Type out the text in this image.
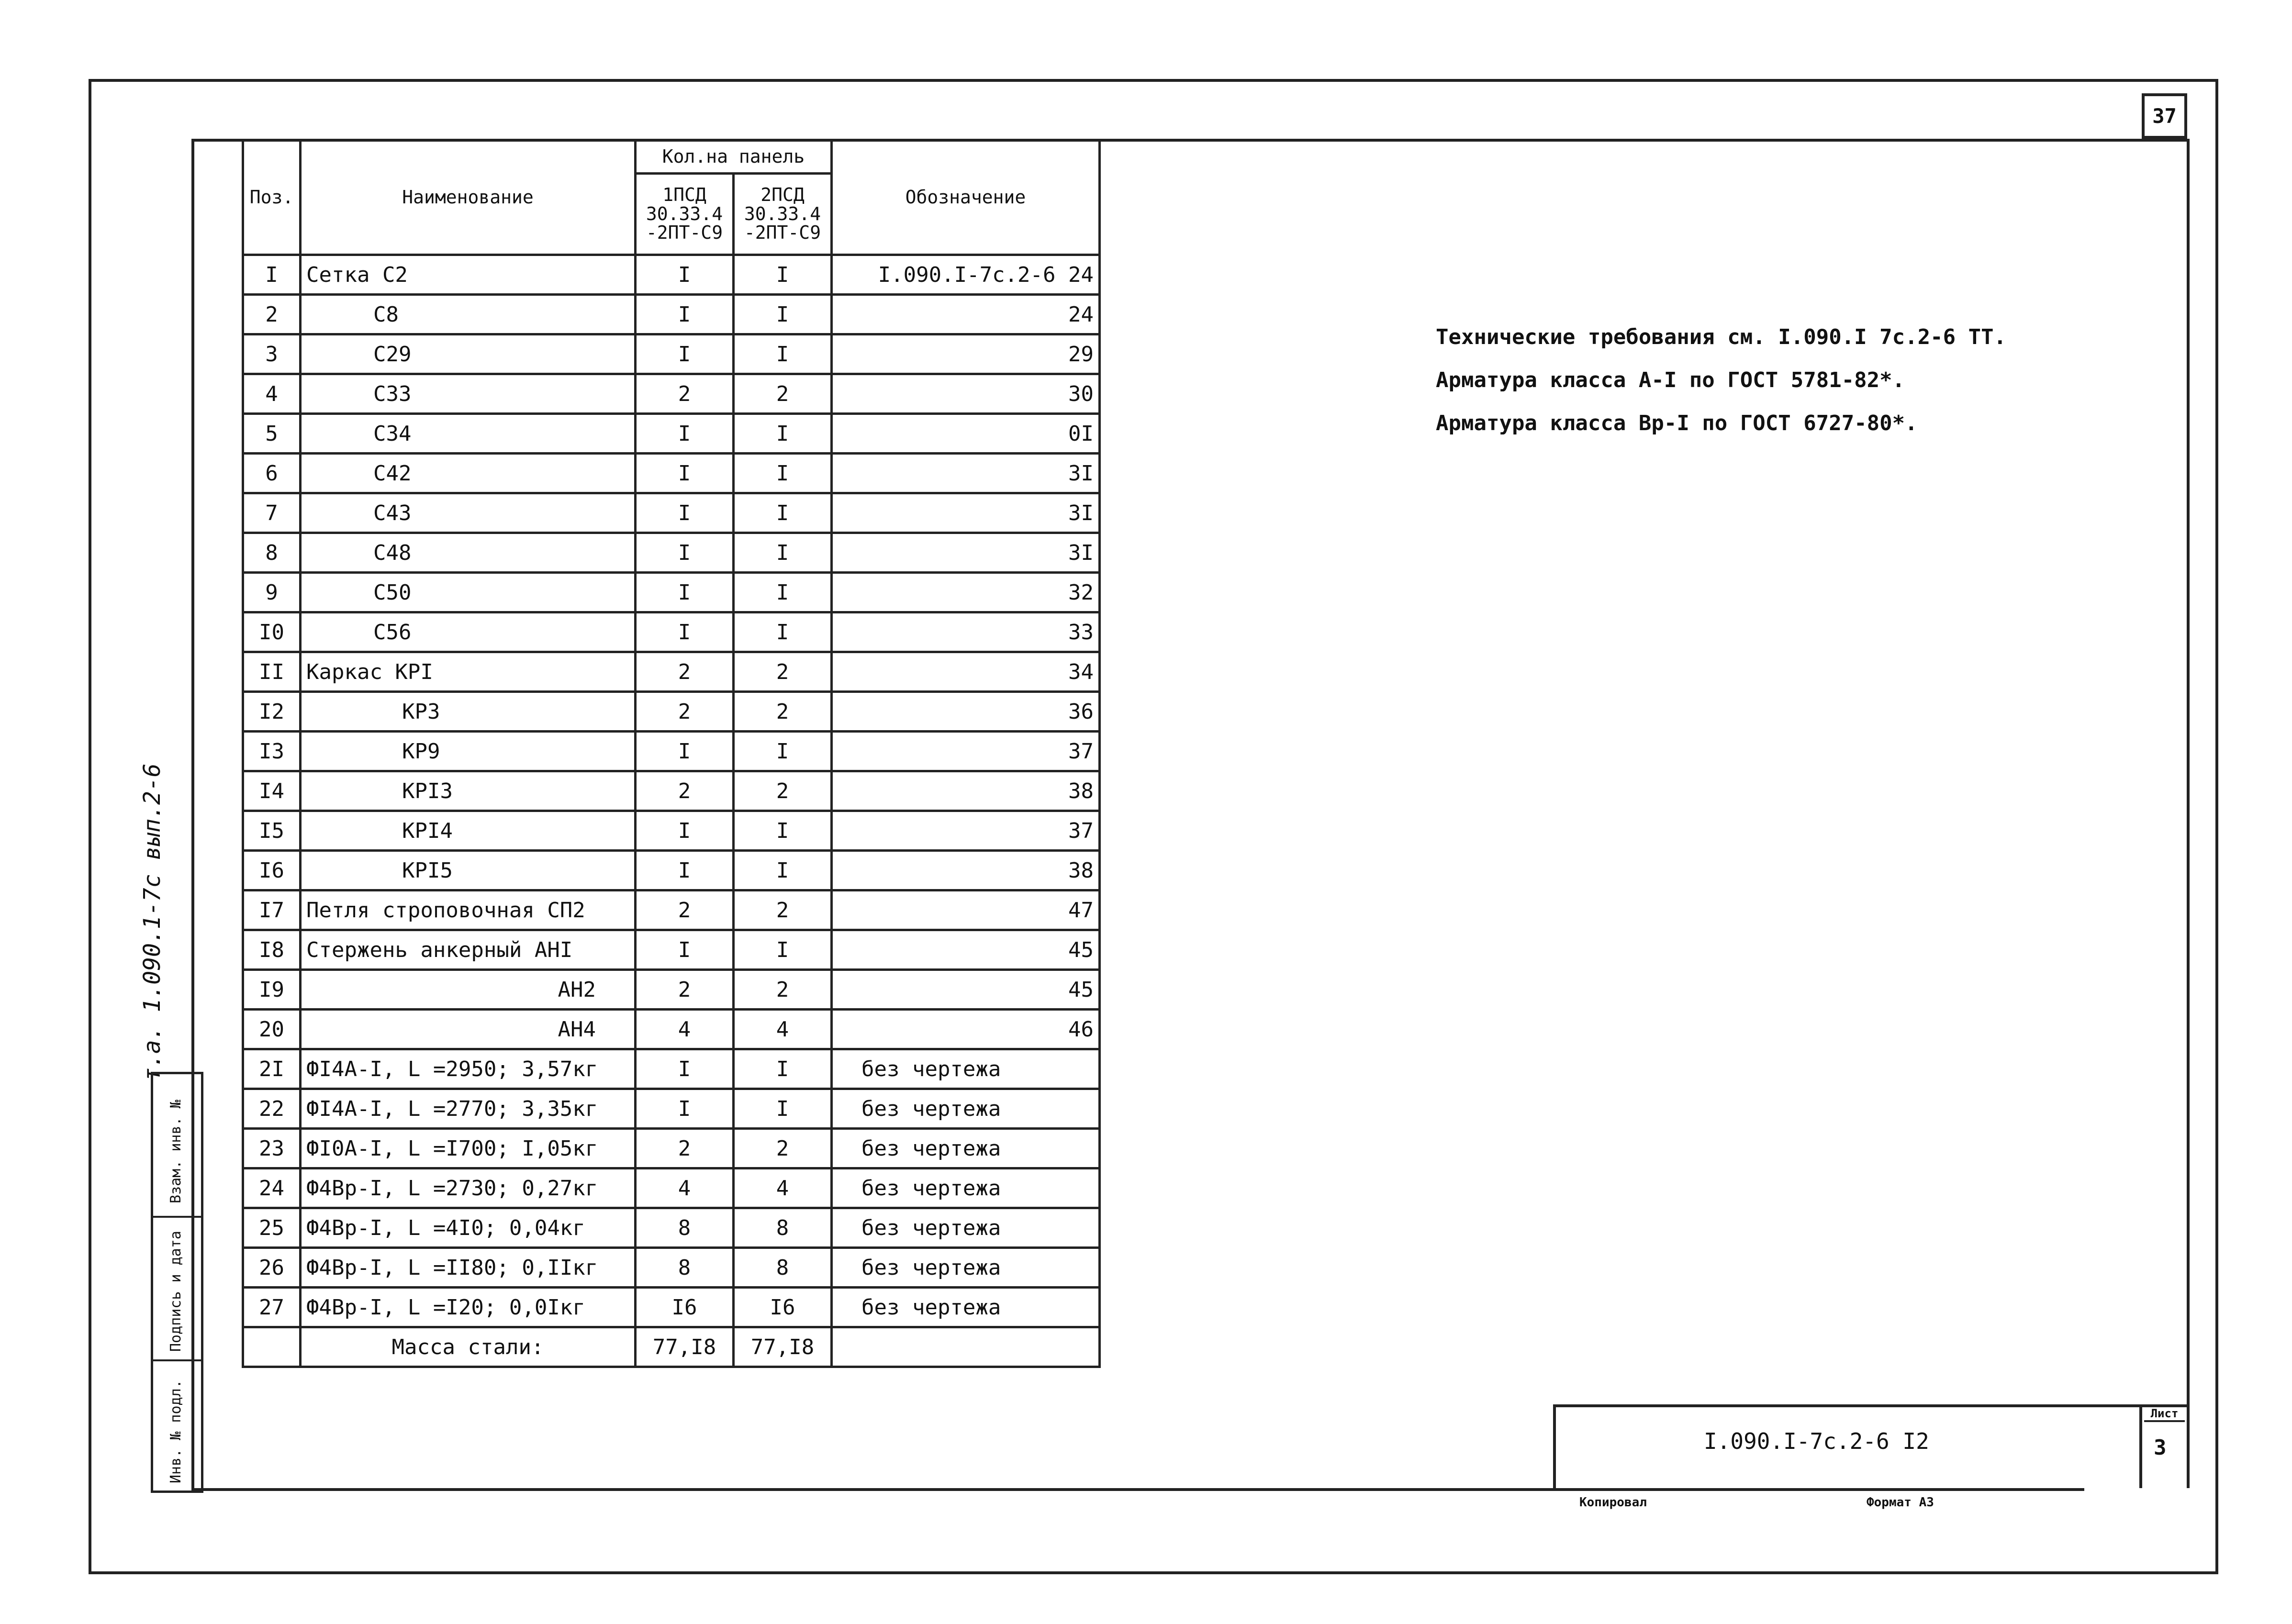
37
т.а. 1.090.1-7с вып.2-6
Взам. инв. №
Подпись и дата
Инв. № подл.
Поз.	Наименование	Кол.на панель		Обозначение
		1ПСД 30.33.4 -2ПТ-С9	2ПСД 30.33.4 -2ПТ-С9	
I	Сетка С2	I	I	I.090.I-7с.2-6 24
2	С8	I	I	24
3	С29	I	I	29
4	С33	2	2	30
5	С34	I	I	0I
6	С42	I	I	3I
7	С43	I	I	3I
8	С48	I	I	3I
9	С50	I	I	32
I0	С56	I	I	33
II	Каркас КРI	2	2	34
I2	КР3	2	2	36
I3	КР9	I	I	37
I4	КРI3	2	2	38
I5	КРI4	I	I	37
I6	КРI5	I	I	38
I7	Петля строповочная СП2	2	2	47
I8	Стержень анкерный АНI	I	I	45
I9	АН2	2	2	45
20	АН4	4	4	46
2I	ФI4А-I, L =2950; 3,57кг	I	I	без чертежа
22	ФI4А-I, L =2770; 3,35кг	I	I	без чертежа
23	ФI0А-I, L =I700; I,05кг	2	2	без чертежа
24	Ф4Вр-I, L =2730; 0,27кг	4	4	без чертежа
25	Ф4Вр-I, L =4I0; 0,04кг	8	8	без чертежа
26	Ф4Вр-I, L =II80; 0,IIкг	8	8	без чертежа
27	Ф4Вр-I, L =I20; 0,0Iкг	I6	I6	без чертежа
	Масса стали:	77,I8	77,I8	
Технические требования см. I.090.I 7с.2-6 ТТ.
Арматура класса А-I по ГОСТ 5781-82*.
Арматура класса Вр-I по ГОСТ 6727-80*.
I.090.I-7с.2-6 I2
Лист
3
Копировал	Формат А3
